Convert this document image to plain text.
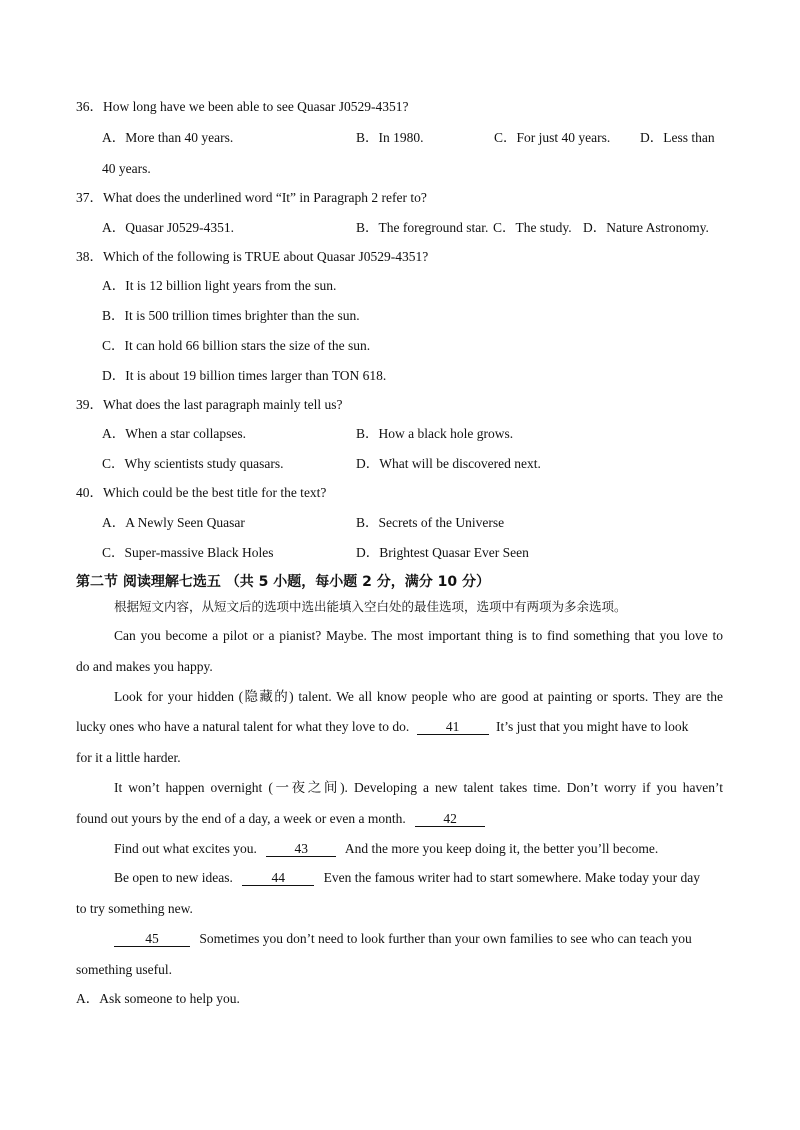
36．How long have we been able to see Quasar J0529-4351?
A．More than 40 years.	B．In 1980.	C．For just 40 years. D．Less than
40 years.
37．What does the underlined word “It” in Paragraph 2 refer to?
A．Quasar J0529-4351.	B．The foreground star. C．The study. D．Nature Astronomy.
38．Which of the following is TRUE about Quasar J0529-4351?
A．It is 12 billion light years from the sun.
B．It is 500 trillion times brighter than the sun.
C．It can hold 66 billion stars the size of the sun.
D．It is about 19 billion times larger than TON 618.
39．What does the last paragraph mainly tell us?
A．When a star collapses.	B．How a black hole grows.
C．Why scientists study quasars.	D．What will be discovered next.
40．Which could be the best title for the text?
A．A Newly Seen Quasar	B．Secrets of the Universe
C．Super-massive Black Holes	D．Brightest Quasar Ever Seen
第二节 阅读理解七选五 （共 5 小题，每小题 2 分，满分 10 分）
根据短文内容，从短文后的选项中选出能填入空白处的最佳选项，选项中有两项为多余选项。
Can you become a pilot or a pianist? Maybe. The most important thing is to find something that you love to
do and makes you happy.
Look for your hidden (隐藏的) talent. We all know people who are good at painting or sports. They are the
lucky ones who have a natural talent for what they love to do.	41	It’s just that you might have to look
for it a little harder.
It won’t happen overnight (一夜之间). Developing a new talent takes time. Don’t worry if you haven’t
found out yours by the end of a day, a week or even a month.	42
Find out what excites you.	43	And the more you keep doing it, the better you’ll become.
Be open to new ideas.	44	Even the famous writer had to start somewhere. Make today your day
to try something new.
45	Sometimes you don’t need to look further than your own families to see who can teach you
something useful.
A．Ask someone to help you.
